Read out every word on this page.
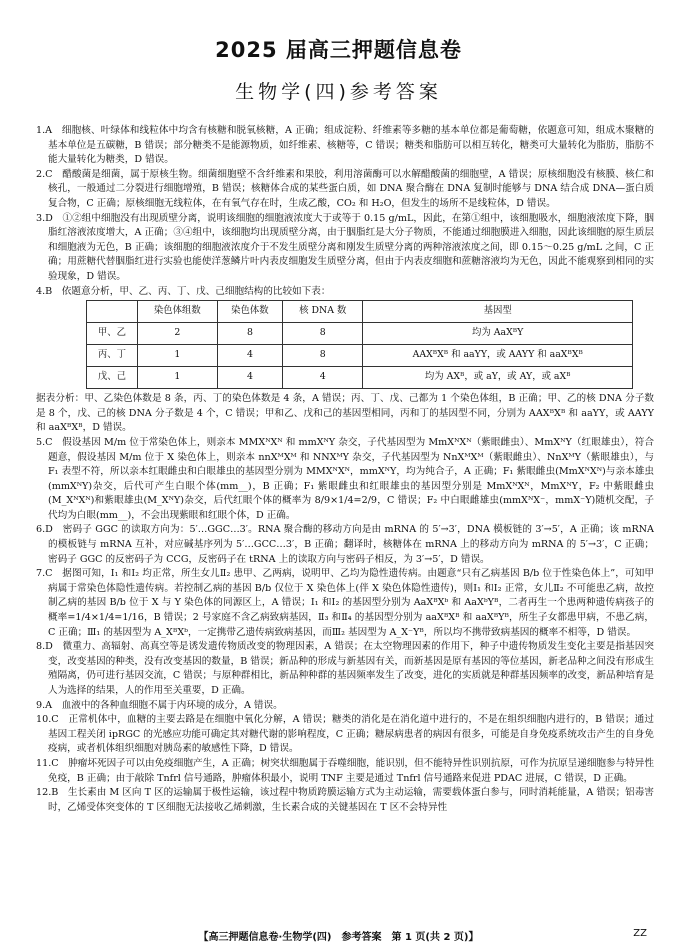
2025 届高三押题信息卷
生物学(四)参考答案

1.A　细胞核、叶绿体和线粒体中均含有核糖和脱氧核糖，A 正确；组成淀粉、纤维素等多糖的基本单位都是葡萄糖，依题意可知，组成木聚糖的基本单位是五碳糖，B 错误；部分糖类不是能源物质，如纤维素、核糖等，C 错误；糖类和脂肪可以相互转化，糖类可大量转化为脂肪，脂肪不能大量转化为糖类，D 错误。

2.C　醋酸菌是细菌，属于原核生物。细菌细胞壁不含纤维素和果胶，利用溶菌酶可以水解醋酸菌的细胞壁，A 错误；原核细胞没有核膜、核仁和核孔，一般通过二分裂进行细胞增殖，B 错误；核糖体合成的某些蛋白质，如 DNA 聚合酶在 DNA 复制时能够与 DNA 结合成 DNA—蛋白质复合物，C 正确；原核细胞无线粒体，在有氧气存在时，生成乙酸，CO₂ 和 H₂O，但发生的场所不是线粒体，D 错误。

3.D　①②组中细胞没有出现质壁分离，说明该细胞的细胞液浓度大于或等于 0.15 g/mL，因此，在第①组中，该细胞吸水，细胞液浓度下降，胭脂红溶液浓度增大，A 正确；③④组中，该细胞均出现质壁分离，由于胭脂红是大分子物质，不能通过细胞膜进入细胞，因此该细胞的原生质层和细胞液为无色，B 正确；该细胞的细胞液浓度介于不发生质壁分离和刚发生质壁分离的两种溶液浓度之间，即 0.15～0.25 g/mL 之间，C 正确；用蔗糖代替胭脂红进行实验也能使洋葱鳞片叶内表皮细胞发生质壁分离，但由于内表皮细胞和蔗糖溶液均为无色，因此不能观察到相同的实验现象，D 错误。

4.B　依题意分析，甲、乙、丙、丁、戊、己细胞结构的比较如下表：

	染色体组数	染色体数	核 DNA 数	基因型
甲、乙	2	8	8	均为 AaXᴮY
丙、丁	1	4	8	AAXᴮXᴮ 和 aaYY，或 AAYY 和 aaXᴮXᴮ
戊、己	1	4	4	均为 AXᴮ，或 aY，或 AY，或 aXᴮ

据表分析：甲、乙染色体数是 8 条，丙、丁的染色体数是 4 条，A 错误；丙、丁、戊、己都为 1 个染色体组，B 正确；甲、乙的核 DNA 分子数是 8 个，戊、己的核 DNA 分子数是 4 个，C 错误；甲和乙、戊和己的基因型相同，丙和丁的基因型不同，分别为 AAXᴮXᴮ 和 aaYY，或 AAYY 和 aaXᴮXᴮ，D 错误。

5.C　假设基因 M/m 位于常染色体上，则亲本 MMXᴺXᴺ 和 mmXᴺY 杂交，子代基因型为 MmXᴺXᴺ（紫眼雌虫）、MmXᴺY（红眼雄虫），符合题意，假设基因 M/m 位于 X 染色体上，则亲本 nnXᴹXᴹ 和 NNXᴹY 杂交，子代基因型为 NnXᴹXᴹ（紫眼雌虫）、NnXᴹY（紫眼雄虫），与 F₁ 表型不符，所以亲本红眼雌虫和白眼雄虫的基因型分别为 MMXᴺXᴺ，mmXᴺY，均为纯合子，A 正确；F₁ 紫眼雌虫(MmXᴺXᴺ)与亲本雄虫(mmXᴺY)杂交，后代可产生白眼个体(mm__)，B 正确；F₁ 紫眼雌虫和红眼雄虫的基因型分别是 MmXᴺXᴺ，MmXᴺY，F₂ 中紫眼雌虫(M_XᴺXᴺ)和紫眼雄虫(M_XᴺY)杂交，后代红眼个体的概率为 8/9×1/4=2/9，C 错误；F₂ 中白眼雌雄虫(mmXᴺX⁻，mmX⁻Y)随机交配，子代均为白眼(mm__)，不会出现紫眼和红眼个体，D 正确。

6.D　密码子 GGC 的读取方向为：5′…GGC…3′。RNA 聚合酶的移动方向是由 mRNA 的 5′→3′，DNA 模板链的 3′→5′，A 正确；该 mRNA 的模板链与 mRNA 互补，对应碱基序列为 5′…GCC…3′，B 正确；翻译时，核糖体在 mRNA 上的移动方向为 mRNA 的 5′→3′，C 正确；密码子 GGC 的反密码子为 CCG，反密码子在 tRNA 上的读取方向与密码子相反，为 3′→5′，D 错误。

7.C　据图可知，Ⅰ₁ 和Ⅰ₂ 均正常，所生女儿Ⅱ₂ 患甲、乙两病，说明甲、乙均为隐性遗传病。由题意“只有乙病基因 B/b 位于性染色体上”，可知甲病属于常染色体隐性遗传病。若控制乙病的基因 B/b 仅位于 X 染色体上(伴 X 染色体隐性遗传)，则Ⅰ₁ 和Ⅰ₂ 正常，女儿Ⅱ₂ 不可能患乙病，故控制乙病的基因 B/b 位于 X 与 Y 染色体的同源区上，A 错误；Ⅰ₁ 和Ⅰ₂ 的基因型分别为 AaXᴮXᵇ 和 AaXᵇYᴮ，二者再生一个患两种遗传病孩子的概率=1/4×1/4=1/16，B 错误；2 号家庭不含乙病致病基因，Ⅱ₃ 和Ⅱ₄ 的基因型分别为 aaXᴮXᴮ 和 aaXᴮYᴮ，所生子女都患甲病，不患乙病，C 正确；Ⅲ₁ 的基因型为 A_XᴮXᵇ，一定携带乙遗传病致病基因，而Ⅲ₂ 基因型为 A_X⁻Yᴮ，所以均不携带致病基因的概率不相等，D 错误。

8.D　微重力、高辐射、高真空等是诱发遗传物质改变的物理因素，A 错误；在太空物理因素的作用下，种子中遗传物质发生变化主要是指基因突变，改变基因的种类，没有改变基因的数量，B 错误；新品种的形成与新基因有关，而新基因是原有基因的等位基因，新老品种之间没有形成生殖隔离，仍可进行基因交流，C 错误；与原种群相比，新品种种群的基因频率发生了改变，进化的实质就是种群基因频率的改变，新品种培育是人为选择的结果，人的作用至关重要，D 正确。

9.A　血液中的各种血细胞不属于内环境的成分，A 错误。

10.C　正常机体中，血糖的主要去路是在细胞中氧化分解，A 错误；糖类的消化是在消化道中进行的，不是在组织细胞内进行的，B 错误；通过基因工程关闭 ipRGC 的光感应功能可确定其对糖代谢的影响程度，C 正确；糖尿病患者的病因有很多，可能是自身免疫系统攻击产生的自身免疫病，或者机体组织细胞对胰岛素的敏感性下降，D 错误。

11.C　肿瘤坏死因子可以由免疫细胞产生，A 正确；树突状细胞属于吞噬细胞，能识别，但不能特异性识别抗原，可作为抗原呈递细胞参与特异性免疫，B 正确；由于敲除 Tnfrl 信号通路，肿瘤体积最小，说明 TNF 主要是通过 Tnfrl 信号通路来促进 PDAC 进展，C 错误，D 正确。

12.B　生长素由 M 区向 T 区的运输属于极性运输，该过程中物质跨膜运输方式为主动运输，需要载体蛋白参与，同时消耗能量，A 错误；铝毒害时，乙烯受体突变体的 T 区细胞无法接收乙烯刺激，生长素合成的关键基因在 T 区不会特异性

【高三押题信息卷·生物学(四)　参考答案　第 1 页(共 2 页)】	ZZ
